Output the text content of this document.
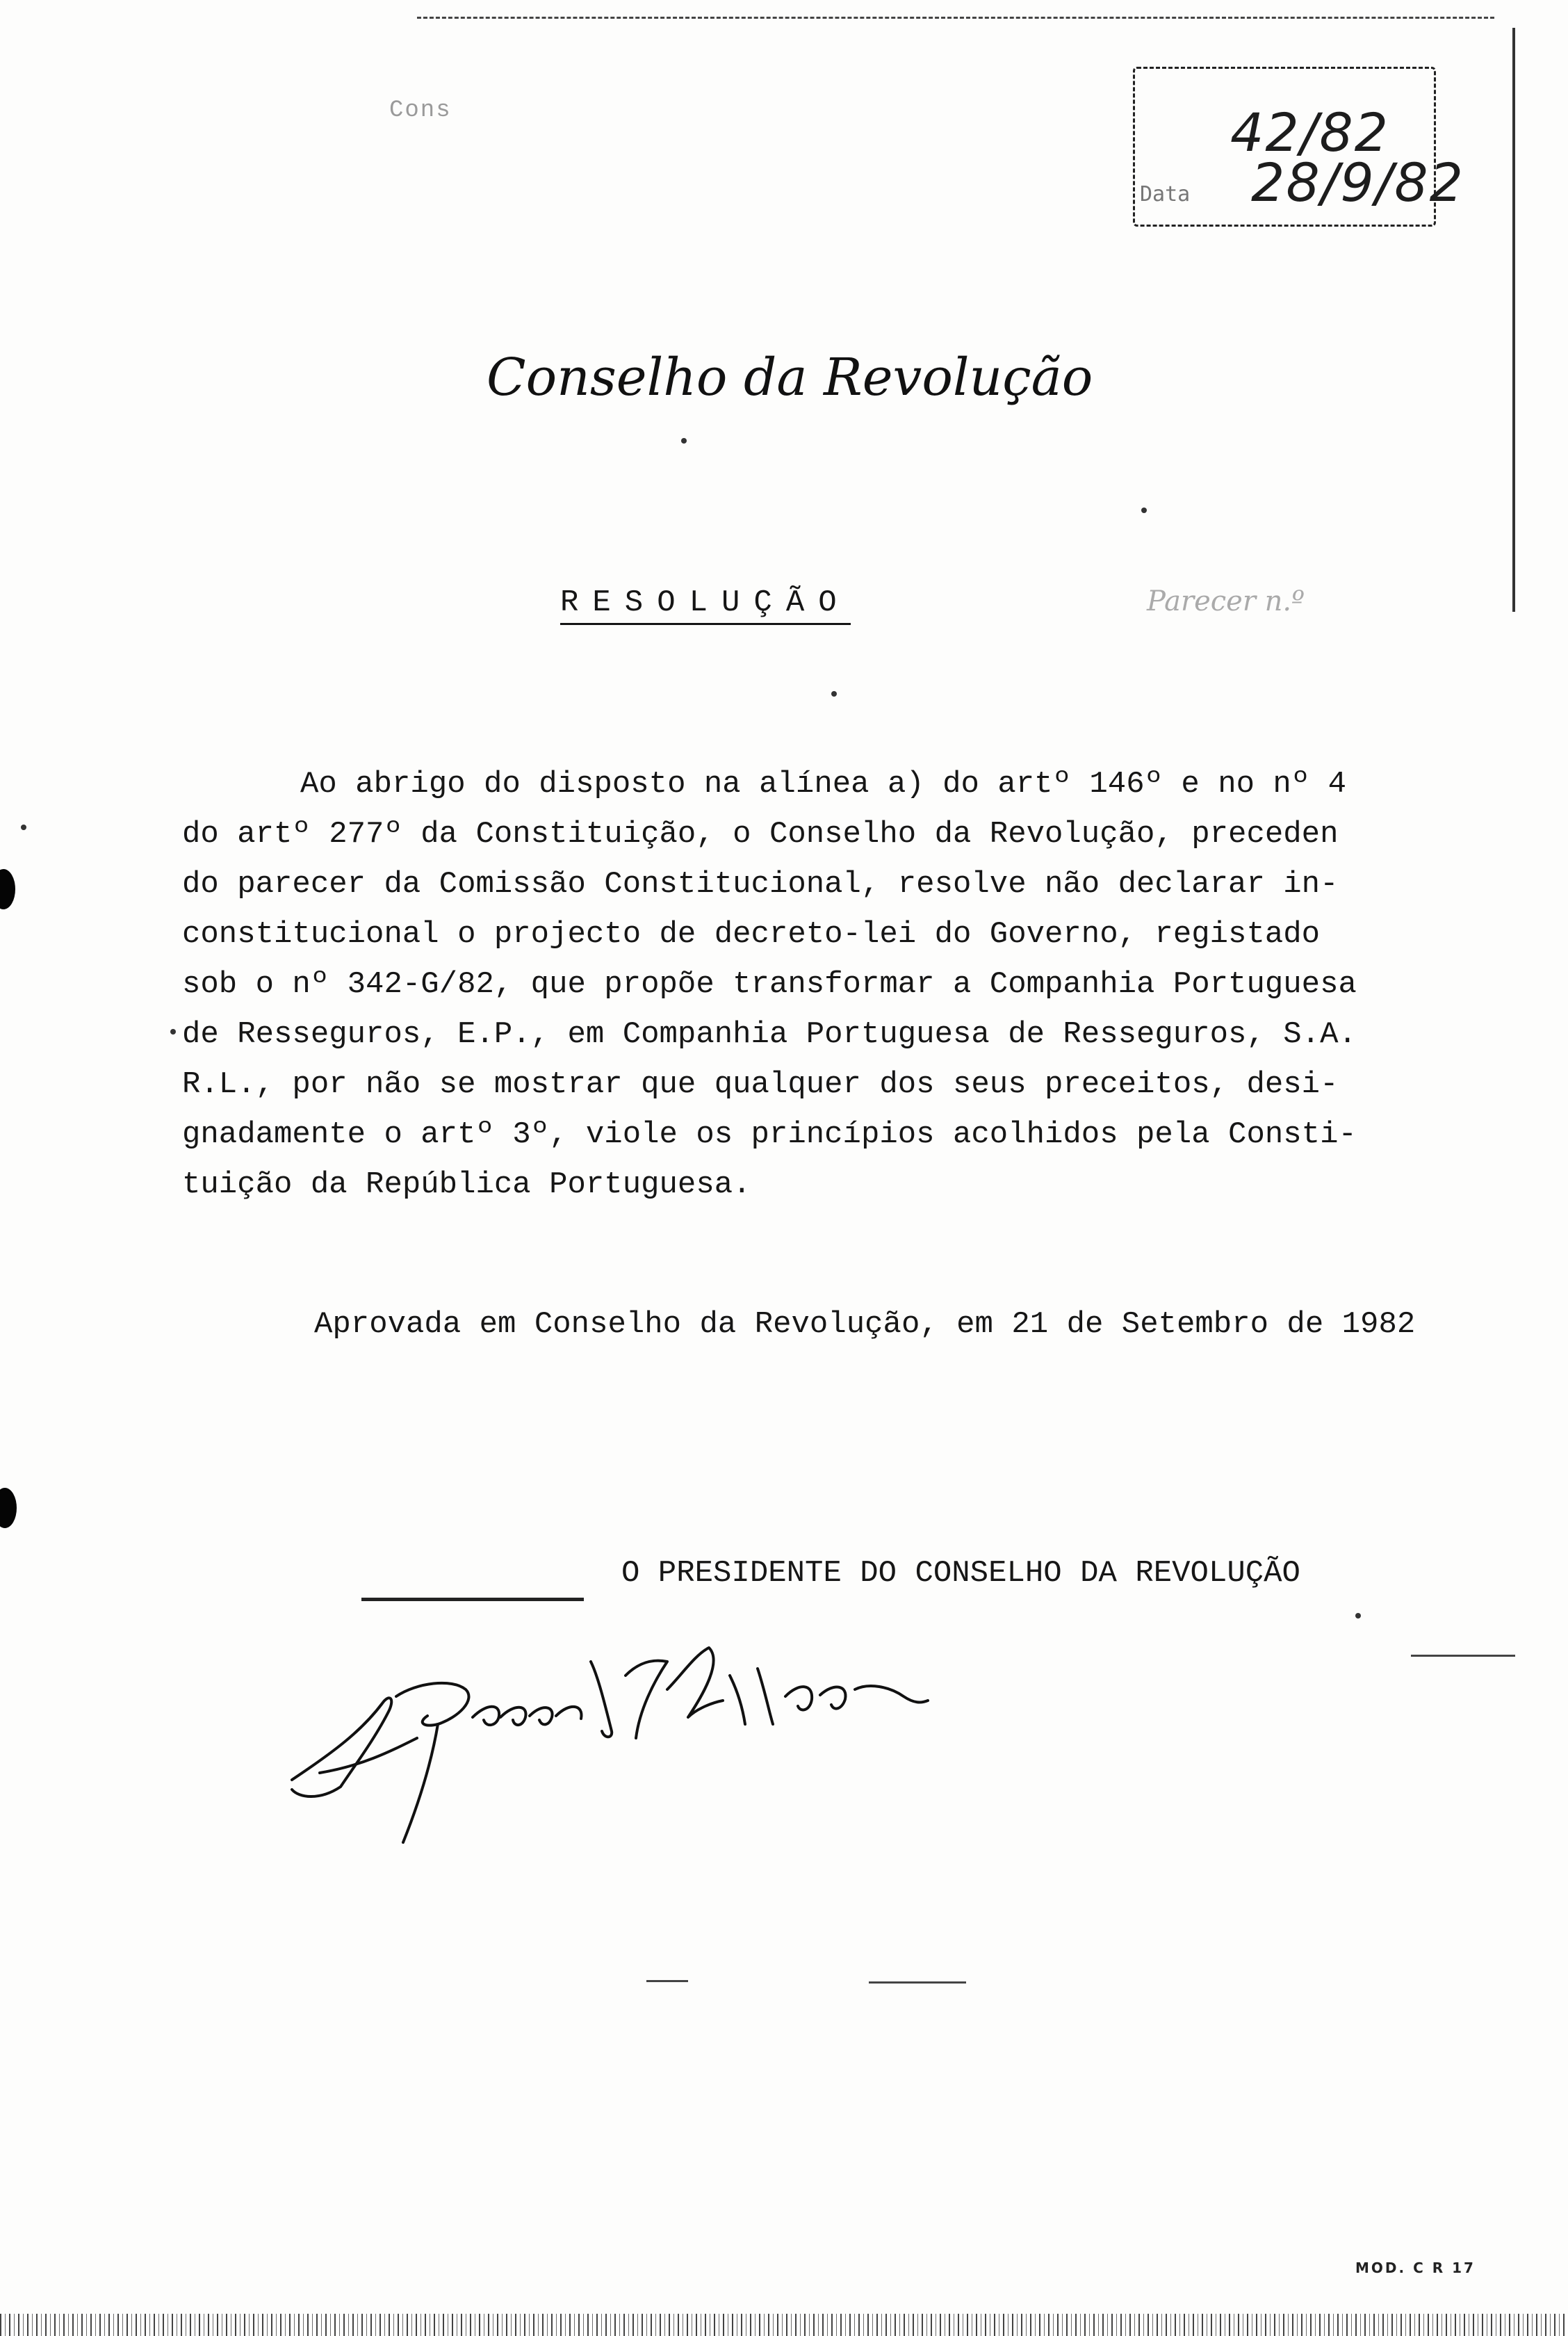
Cons	42/82
28/9/82
Data
Conselho da Revolução
RESOLUÇÃO	Parecer n.º
Ao abrigo do disposto na alínea a) do artº 146º e no nº 4
do artº 277º da Constituição, o Conselho da Revolução, preceden
do parecer da Comissão Constitucional, resolve não declarar in-
constitucional o projecto de decreto-lei do Governo, registado
sob o nº 342-G/82, que propõe transformar a Companhia Portuguesa
de Resseguros, E.P., em Companhia Portuguesa de Resseguros, S.A.
R.L., por não se mostrar que qualquer dos seus preceitos, desi-
gnadamente o artº 3º, viole os princípios acolhidos pela Consti-
tuição da República Portuguesa.
Aprovada em Conselho da Revolução, em 21 de Setembro de 1982
O PRESIDENTE DO CONSELHO DA REVOLUÇÃO
MOD. C R 17
